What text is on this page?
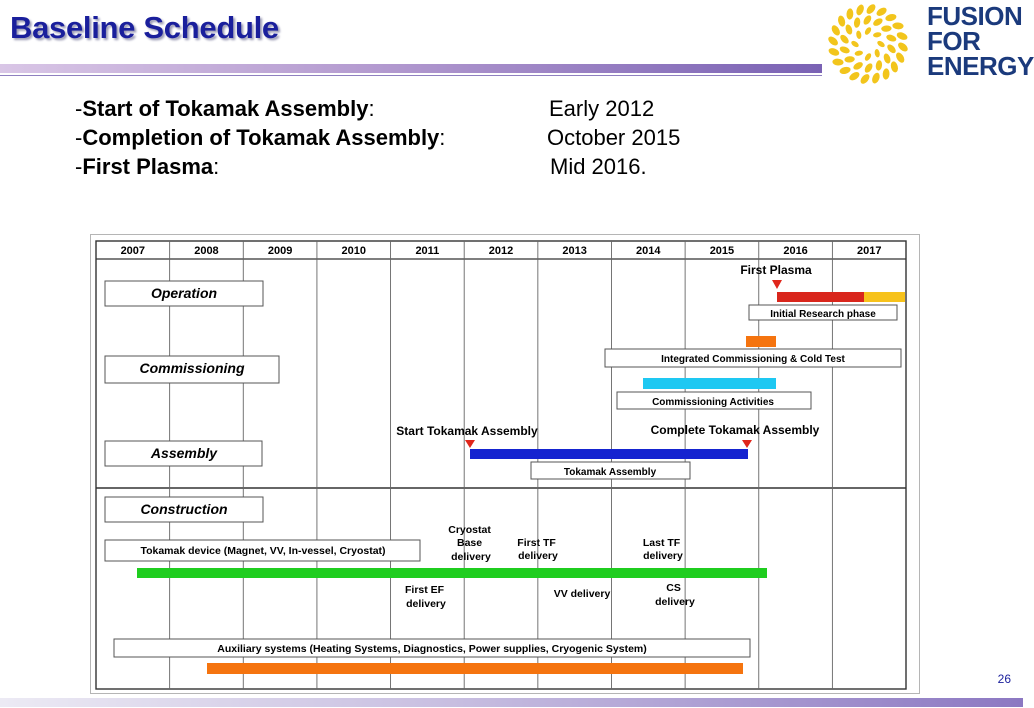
Baseline Schedule	FUSION
FOR
ENERGY
-Start of Tokamak Assembly:	Early 2012
-Completion of Tokamak Assembly:	October 2015
-First Plasma:	Mid 2016.
2007	2008	2009	2010	2011	2012	2013	2014	2015	2016	2017
Operation
Commissioning
Assembly
Construction
First Plasma
Initial Research phase
Integrated Commissioning & Cold Test
Commissioning Activities
Start Tokamak Assembly	Complete Tokamak Assembly
Tokamak Assembly
Tokamak device (Magnet, VV, In-vessel, Cryostat)
Cryostat Base delivery
First TF delivery
Last TF delivery
First EF delivery
VV delivery	CS delivery
Auxiliary systems (Heating Systems, Diagnostics, Power supplies, Cryogenic System)
26
